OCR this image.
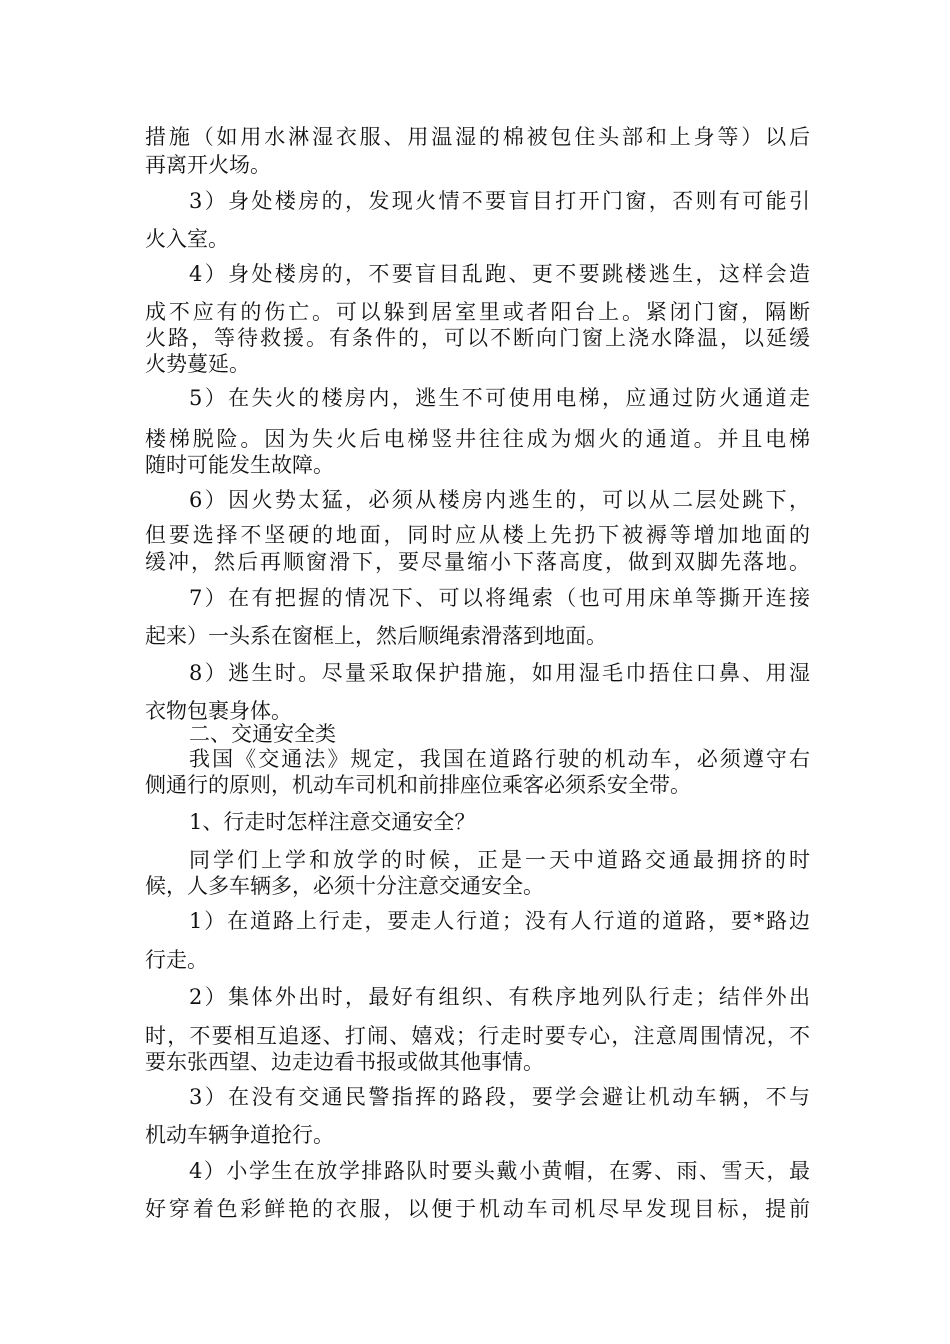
措施（如用水淋湿衣服、用温湿的棉被包住头部和上身等）以后
再离开火场。
3）身处楼房的，发现火情不要盲目打开门窗，否则有可能引
火入室。
4）身处楼房的，不要盲目乱跑、更不要跳楼逃生，这样会造
成不应有的伤亡。可以躲到居室里或者阳台上。紧闭门窗，隔断
火路，等待救援。有条件的，可以不断向门窗上浇水降温，以延缓
火势蔓延。
5）在失火的楼房内，逃生不可使用电梯，应通过防火通道走
楼梯脱险。因为失火后电梯竖井往往成为烟火的通道。并且电梯
随时可能发生故障。
6）因火势太猛，必须从楼房内逃生的，可以从二层处跳下，
但要选择不坚硬的地面，同时应从楼上先扔下被褥等增加地面的
缓冲，然后再顺窗滑下，要尽量缩小下落高度，做到双脚先落地。
7）在有把握的情况下、可以将绳索（也可用床单等撕开连接
起来）一头系在窗框上，然后顺绳索滑落到地面。
8）逃生时。尽量采取保护措施，如用湿毛巾捂住口鼻、用湿
衣物包裹身体。
二、交通安全类
我国《交通法》规定，我国在道路行驶的机动车，必须遵守右
侧通行的原则，机动车司机和前排座位乘客必须系安全带。
1、行走时怎样注意交通安全？
同学们上学和放学的时候，正是一天中道路交通最拥挤的时
候，人多车辆多，必须十分注意交通安全。
1）在道路上行走，要走人行道；没有人行道的道路，要*路边
行走。
2）集体外出时，最好有组织、有秩序地列队行走；结伴外出
时，不要相互追逐、打闹、嬉戏；行走时要专心，注意周围情况，不
要东张西望、边走边看书报或做其他事情。
3）在没有交通民警指挥的路段，要学会避让机动车辆，不与
机动车辆争道抢行。
4）小学生在放学排路队时要头戴小黄帽，在雾、雨、雪天，最
好穿着色彩鲜艳的衣服，以便于机动车司机尽早发现目标，提前
